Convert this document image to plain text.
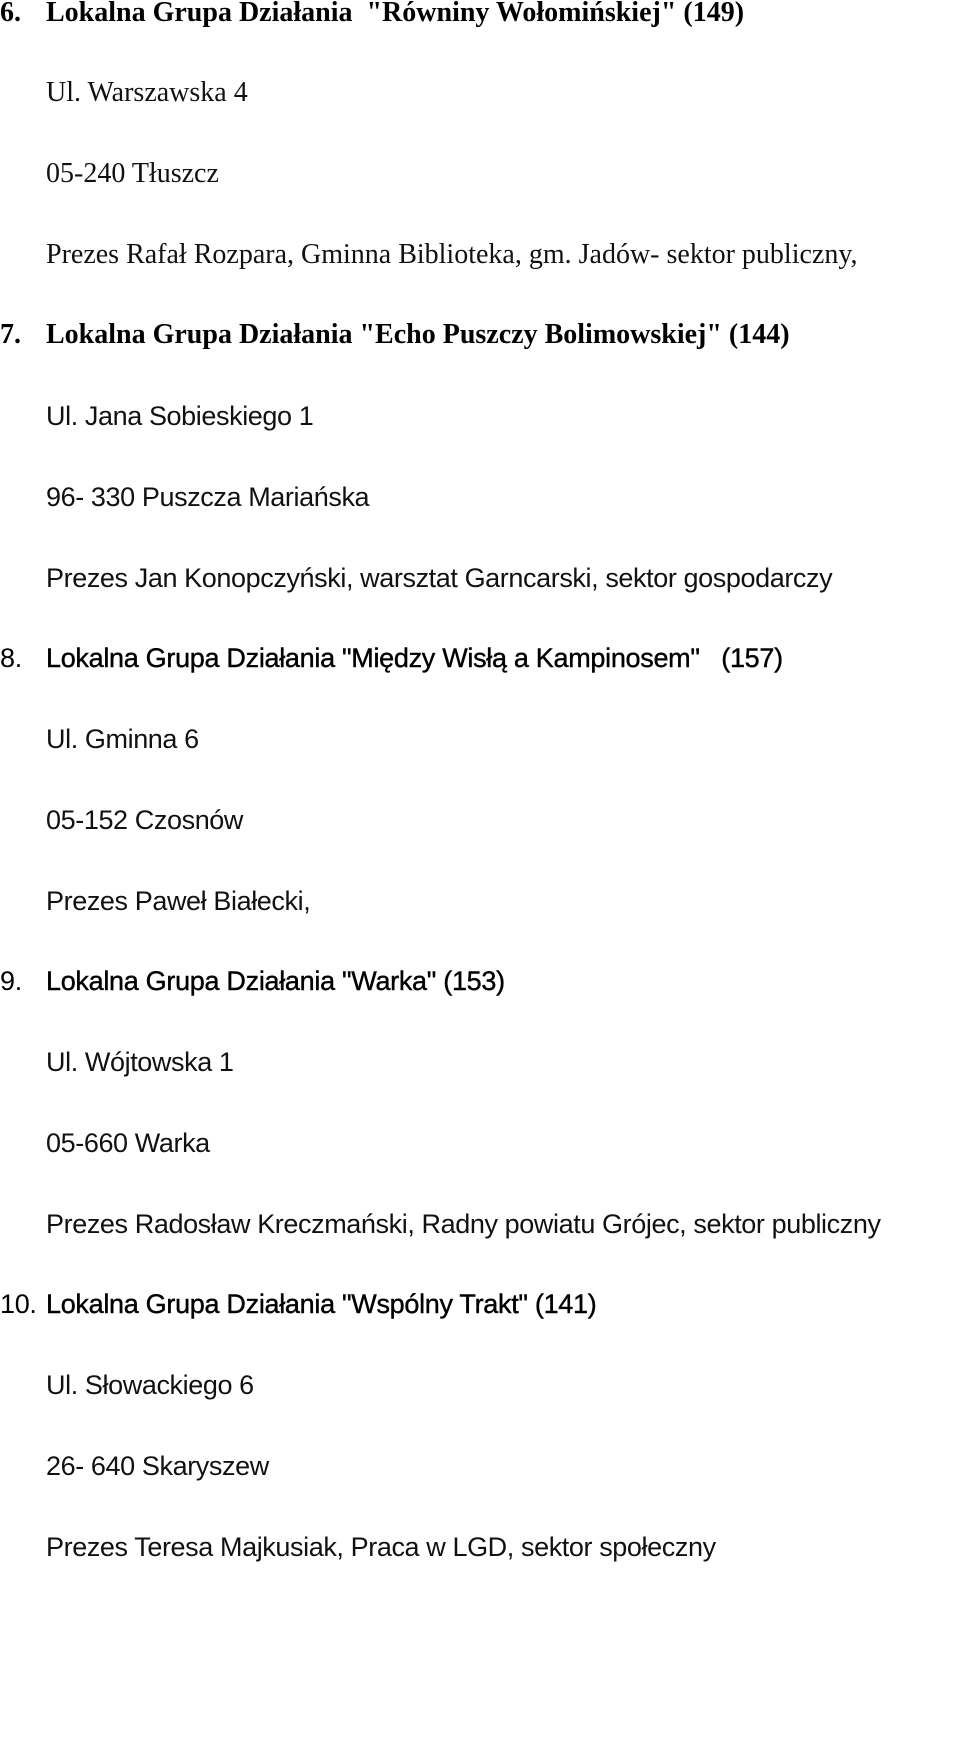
6. Lokalna Grupa Działania  "Równiny Wołomińskiej" (149)
Ul. Warszawska 4
05-240 Tłuszcz
Prezes Rafał Rozpara, Gminna Biblioteka, gm. Jadów- sektor publiczny,
7. Lokalna Grupa Działania "Echo Puszczy Bolimowskiej" (144)
Ul. Jana Sobieskiego 1
96- 330 Puszcza Mariańska
Prezes Jan Konopczyński, warsztat Garncarski, sektor gospodarczy
8. Lokalna Grupa Działania "Między Wisłą a Kampinosem"   (157)
Ul. Gminna 6
05-152 Czosnów
Prezes Paweł Białecki,
9. Lokalna Grupa Działania "Warka" (153)
Ul. Wójtowska 1
05-660 Warka
Prezes Radosław Kreczmański, Radny powiatu Grójec, sektor publiczny
10. Lokalna Grupa Działania "Wspólny Trakt" (141)
Ul. Słowackiego 6
26- 640 Skaryszew
Prezes Teresa Majkusiak, Praca w LGD, sektor społeczny
